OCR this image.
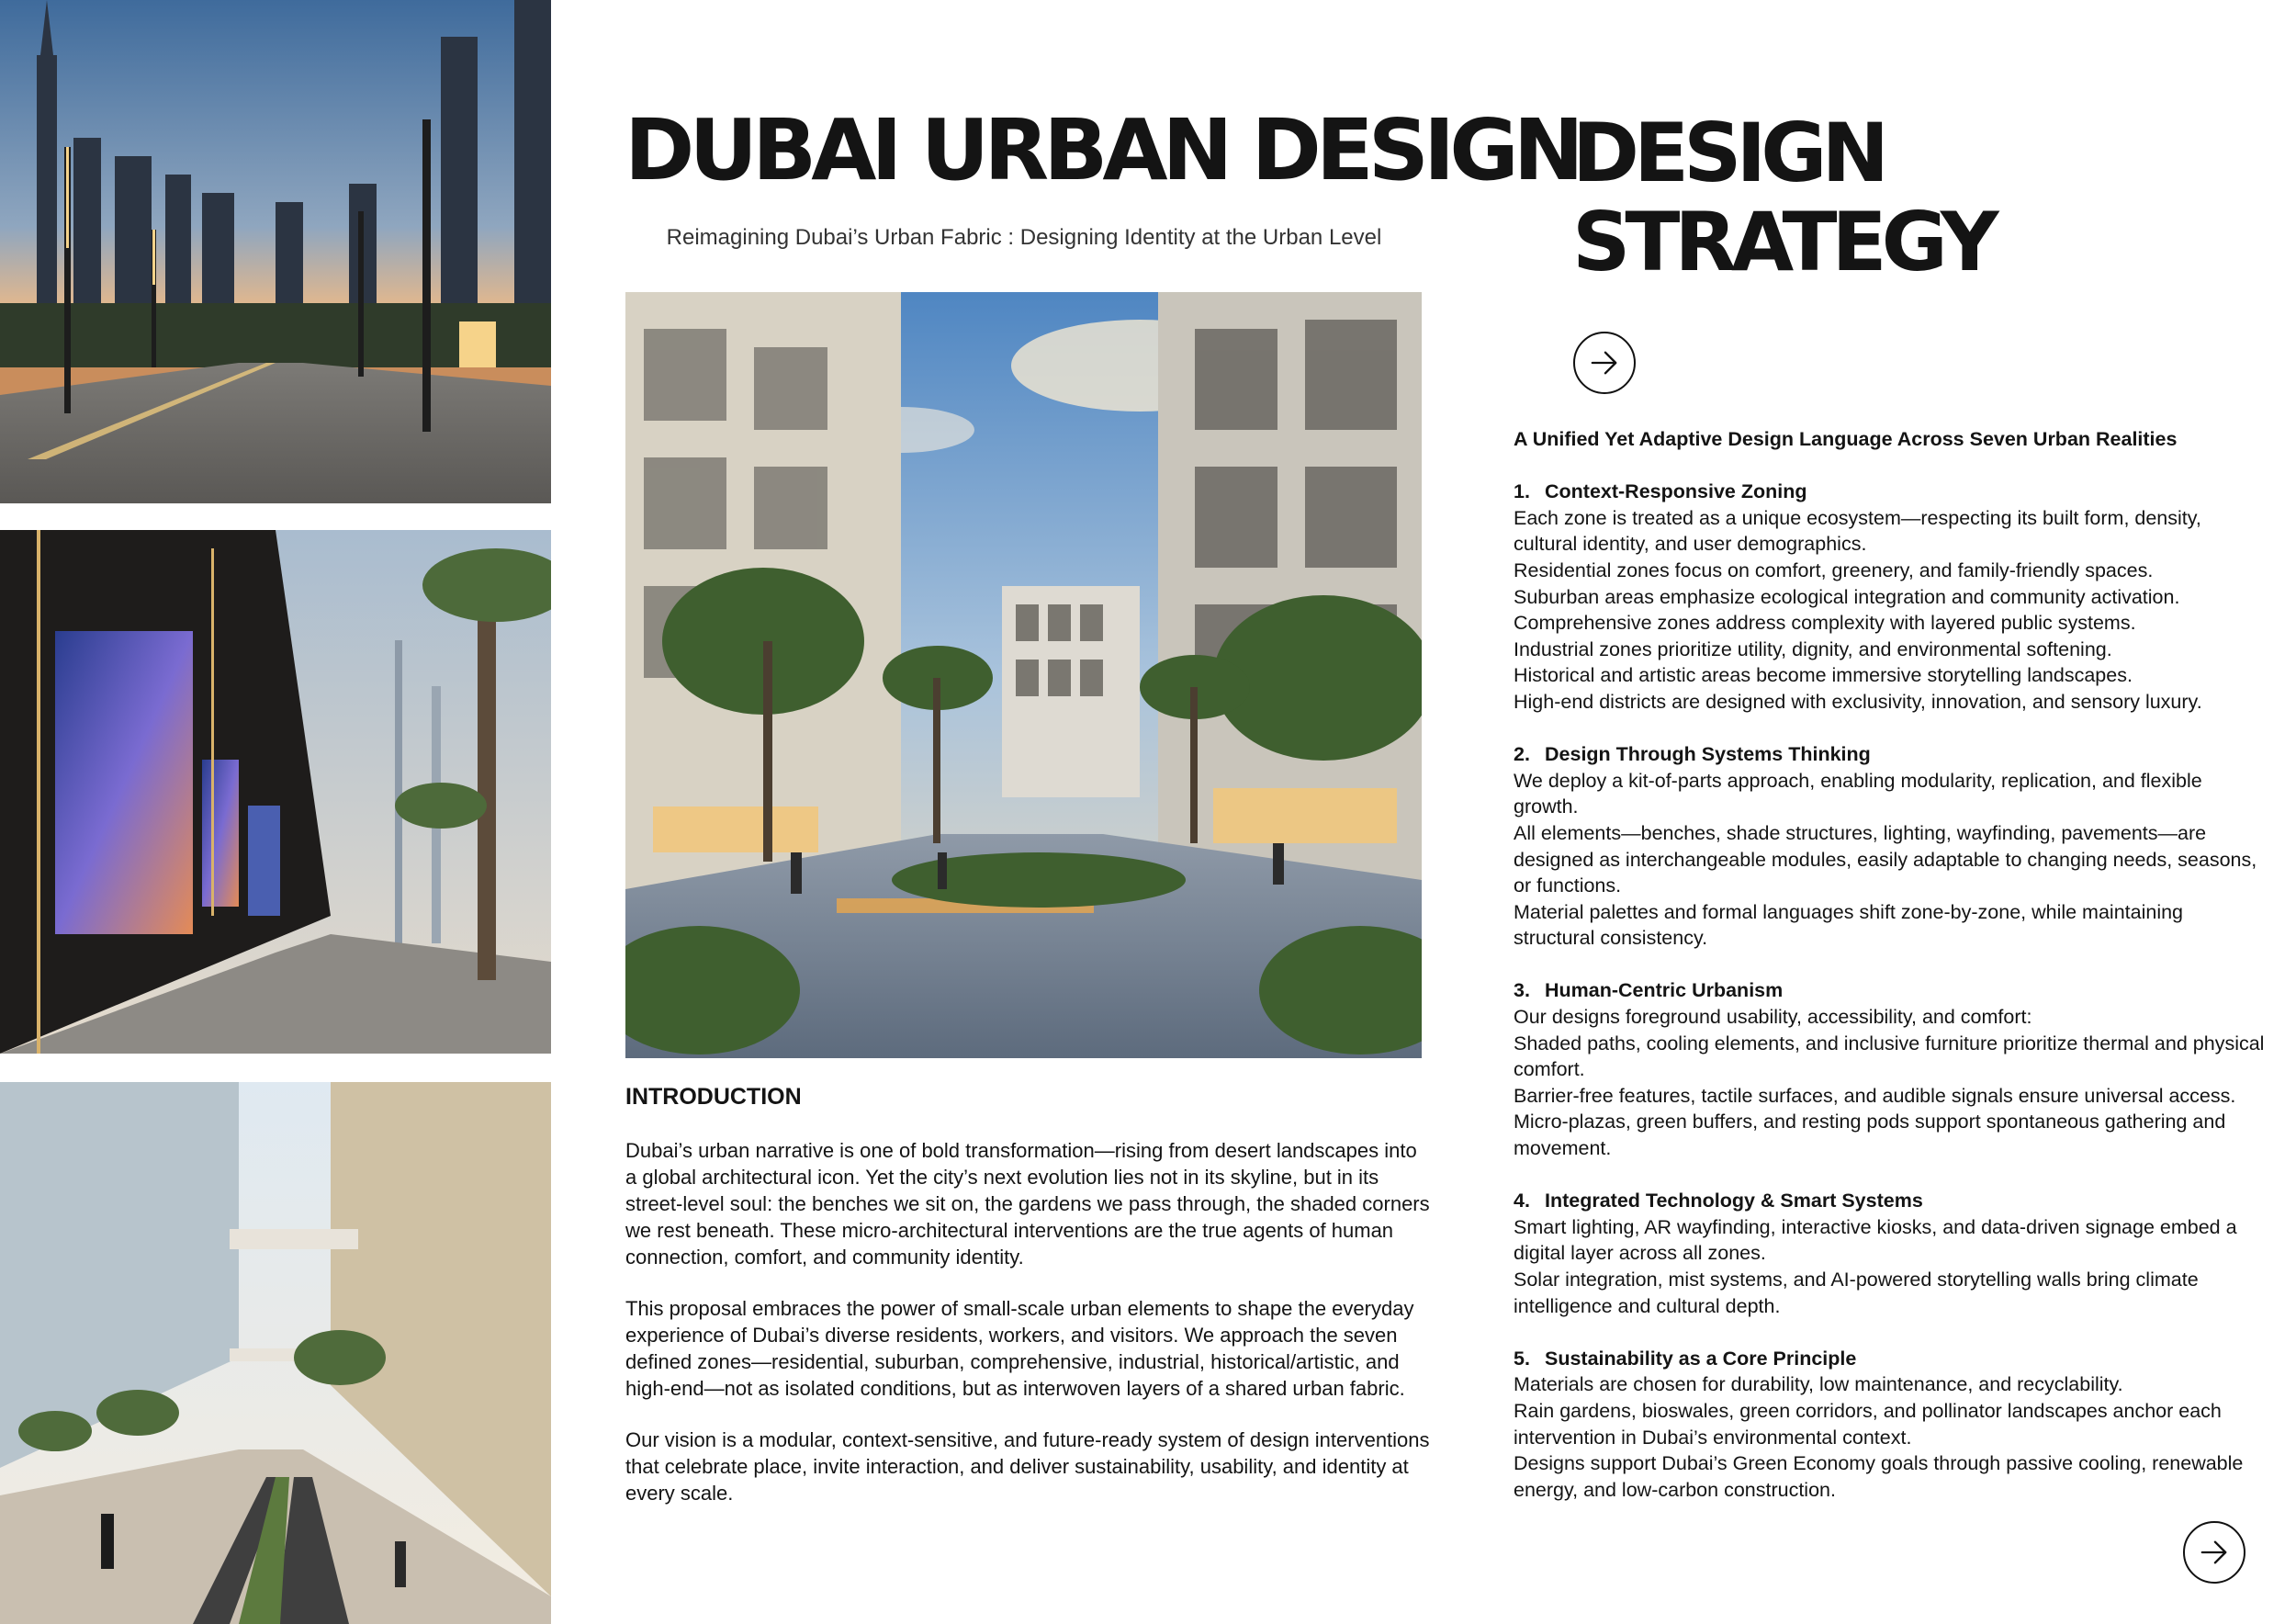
DUBAI URBAN DESIGN
Reimagining Dubai’s Urban Fabric : Designing Identity at the Urban Level
INTRODUCTION

Dubai’s urban narrative is one of bold transformation—rising from desert landscapes into a global architectural icon. Yet the city’s next evolution lies not in its skyline, but in its street-level soul: the benches we sit on, the gardens we pass through, the shaded corners we rest beneath. These micro-architectural interventions are the true agents of human connection, comfort, and community identity.

This proposal embraces the power of small-scale urban elements to shape the everyday experience of Dubai’s diverse residents, workers, and visitors. We approach the seven defined zones—residential, suburban, comprehensive, industrial, historical/artistic, and high-end—not as isolated conditions, but as interwoven layers of a shared urban fabric.

Our vision is a modular, context-sensitive, and future-ready system of design interventions that celebrate place, invite interaction, and deliver sustainability, usability, and identity at every scale.

DESIGN
STRATEGY
A Unified Yet Adaptive Design Language Across Seven Urban Realities
1. Context-Responsive Zoning

Each zone is treated as a unique ecosystem—respecting its built form, density, cultural identity, and user demographics.

Residential zones focus on comfort, greenery, and family-friendly spaces.

Suburban areas emphasize ecological integration and community activation.

Comprehensive zones address complexity with layered public systems.

Industrial zones prioritize utility, dignity, and environmental softening.

Historical and artistic areas become immersive storytelling landscapes.

High-end districts are designed with exclusivity, innovation, and sensory luxury.

2. Design Through Systems Thinking

We deploy a kit-of-parts approach, enabling modularity, replication, and flexible growth.

All elements—benches, shade structures, lighting, wayfinding, pavements—are designed as interchangeable modules, easily adaptable to changing needs, seasons, or functions.

Material palettes and formal languages shift zone-by-zone, while maintaining structural consistency.

3. Human-Centric Urbanism

Our designs foreground usability, accessibility, and comfort:

Shaded paths, cooling elements, and inclusive furniture prioritize thermal and physical comfort.

Barrier-free features, tactile surfaces, and audible signals ensure universal access.

Micro-plazas, green buffers, and resting pods support spontaneous gathering and movement.

4. Integrated Technology & Smart Systems

Smart lighting, AR wayfinding, interactive kiosks, and data-driven signage embed a digital layer across all zones.

Solar integration, mist systems, and AI-powered storytelling walls bring climate intelligence and cultural depth.

5. Sustainability as a Core Principle

Materials are chosen for durability, low maintenance, and recyclability.

Rain gardens, bioswales, green corridors, and pollinator landscapes anchor each intervention in Dubai’s environmental context.

Designs support Dubai’s Green Economy goals through passive cooling, renewable energy, and low-carbon construction.
